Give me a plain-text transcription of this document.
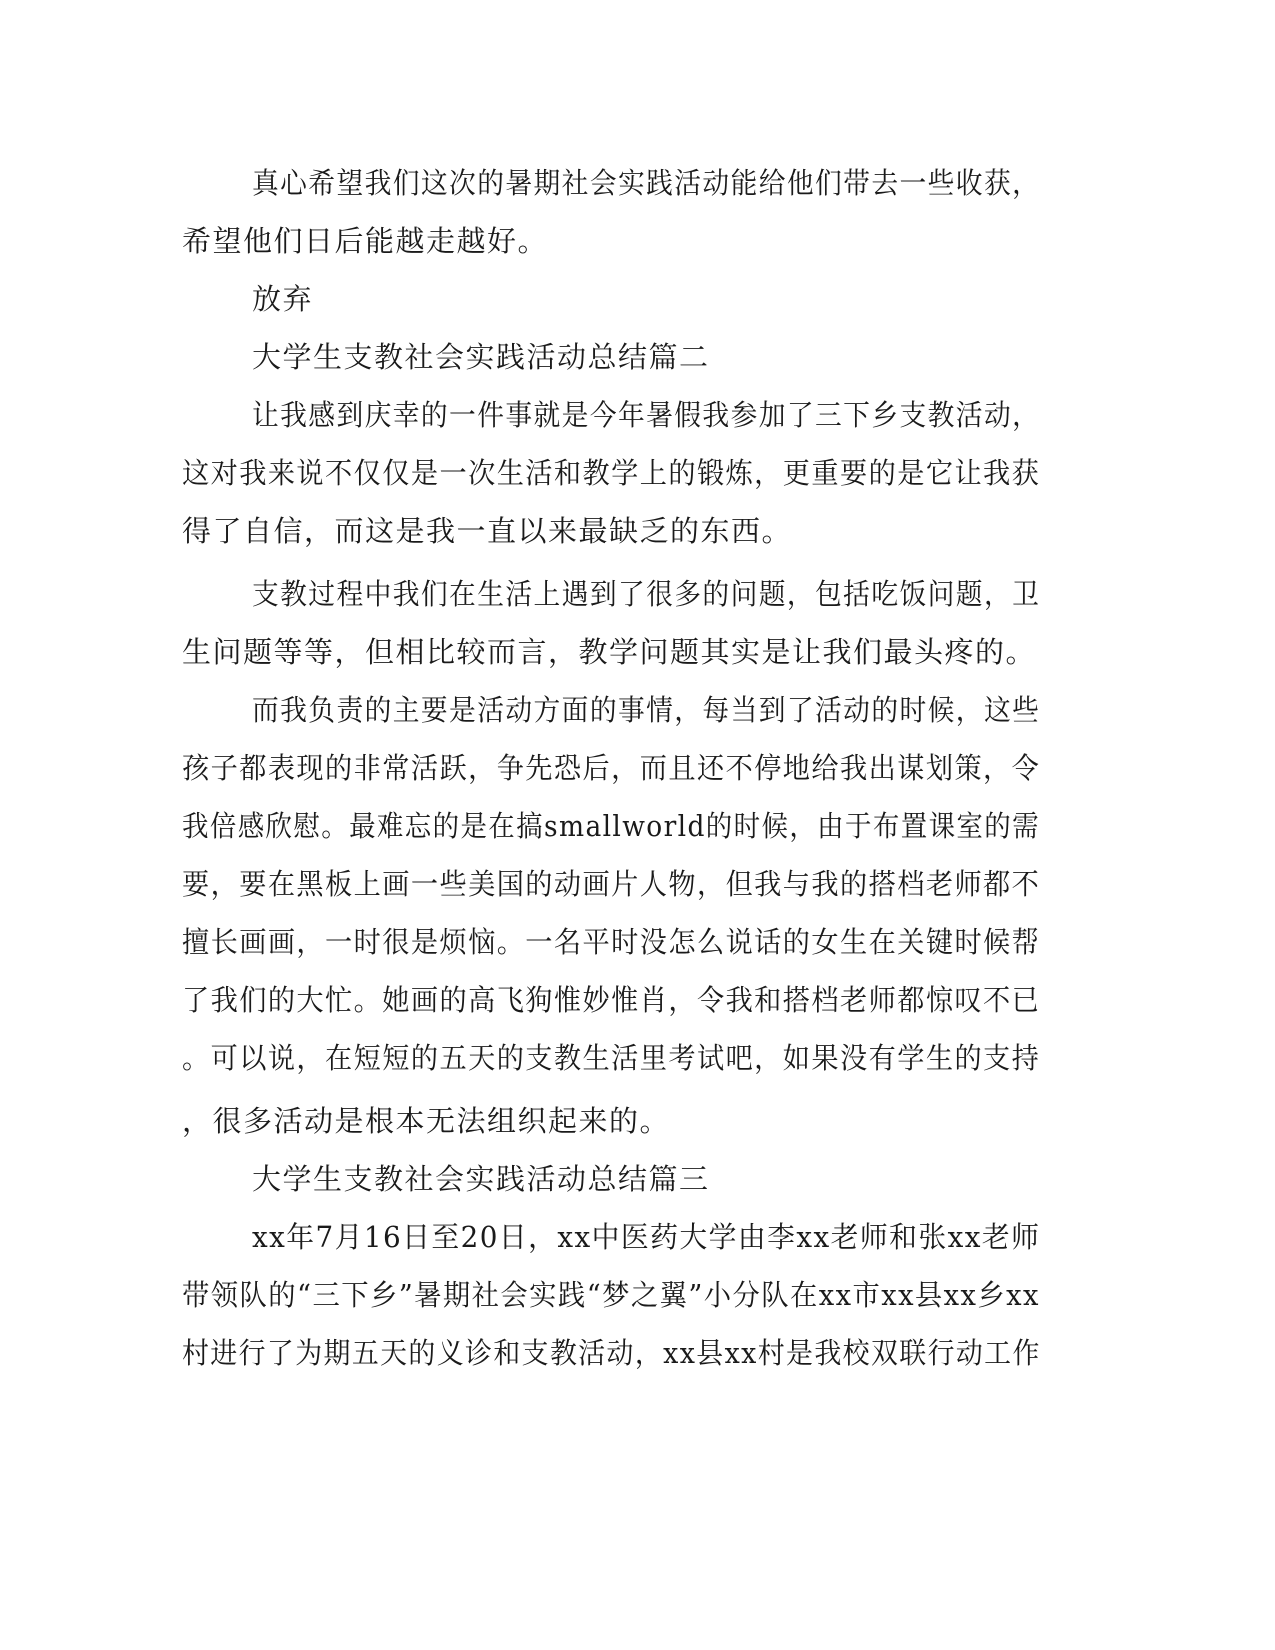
真心希望我们这次的暑期社会实践活动能给他们带去一些收获，

希望他们日后能越走越好。

放弃

大学生支教社会实践活动总结篇二

让我感到庆幸的一件事就是今年暑假我参加了三下乡支教活动，

这对我来说不仅仅是一次生活和教学上的锻炼，更重要的是它让我获

得了自信，而这是我一直以来最缺乏的东西。

支教过程中我们在生活上遇到了很多的问题，包括吃饭问题，卫

生问题等等，但相比较而言，教学问题其实是让我们最头疼的。

而我负责的主要是活动方面的事情，每当到了活动的时候，这些

孩子都表现的非常活跃，争先恐后，而且还不停地给我出谋划策，令

我倍感欣慰。最难忘的是在搞smallworld的时候，由于布置课室的需

要，要在黑板上画一些美国的动画片人物，但我与我的搭档老师都不

擅长画画，一时很是烦恼。一名平时没怎么说话的女生在关键时候帮

了我们的大忙。她画的高飞狗惟妙惟肖，令我和搭档老师都惊叹不已

。可以说，在短短的五天的支教生活里考试吧，如果没有学生的支持

，很多活动是根本无法组织起来的。

大学生支教社会实践活动总结篇三

xx年7月16日至20日，xx中医药大学由李xx老师和张xx老师

带领队的“三下乡”暑期社会实践“梦之翼”小分队在xx市xx县xx乡xx

村进行了为期五天的义诊和支教活动，xx县xx村是我校双联行动工作
